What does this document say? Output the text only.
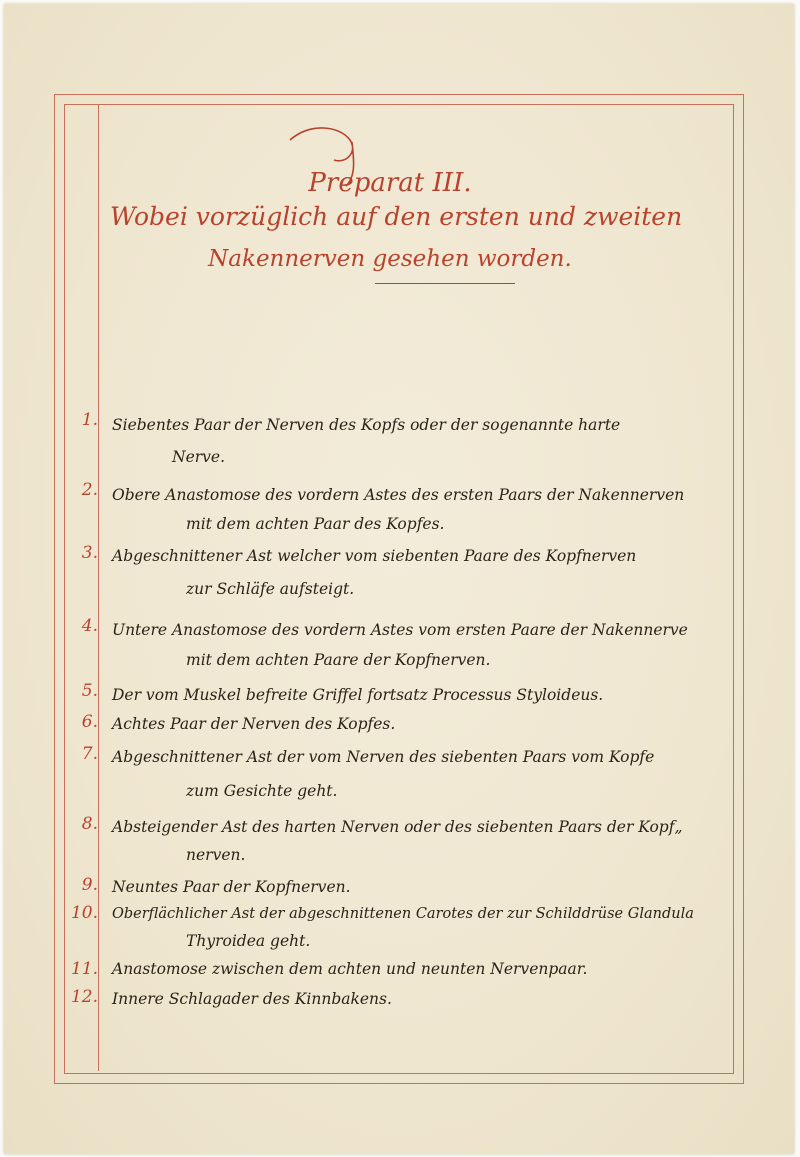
Preparat III.
Wobei vorzüglich auf den ersten und zweiten
Nakennerven gesehen worden.
1. Siebentes Paar der Nerven des Kopfs oder der sogenannte harte
Nerve.
2. Obere Anastomose des vordern Astes des ersten Paars der Nakennerven
mit dem achten Paar des Kopfes.
3. Abgeschnittener Ast welcher vom siebenten Paare des Kopfnerven
zur Schläfe aufsteigt.
4. Untere Anastomose des vordern Astes vom ersten Paare der Nakennerve
mit dem achten Paare der Kopfnerven.
5. Der vom Muskel befreite Griffel fortsatz Processus Styloideus.
6. Achtes Paar der Nerven des Kopfes.
7. Abgeschnittener Ast der vom Nerven des siebenten Paars vom Kopfe
zum Gesichte geht.
8. Absteigender Ast des harten Nerven oder des siebenten Paars der Kopf„
nerven.
9. Neuntes Paar der Kopfnerven.
10. Oberflächlicher Ast der abgeschnittenen Carotes der zur Schilddrüse Glandula
Thyroidea geht.
11. Anastomose zwischen dem achten und neunten Nervenpaar.
12. Innere Schlagader des Kinnbakens.
